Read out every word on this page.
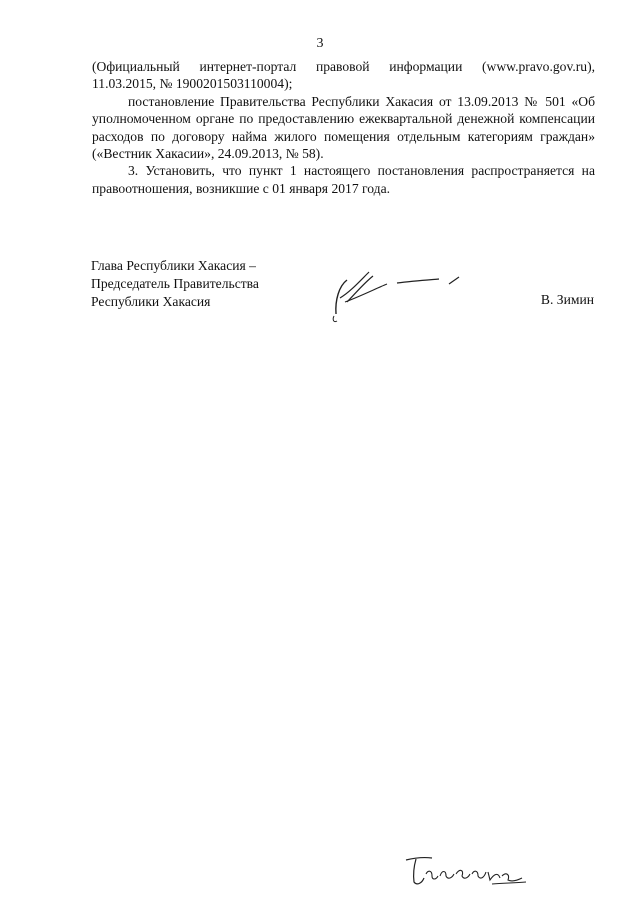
3

(Официальный интернет-портал правовой информации (www.pravo.gov.ru), 11.03.2015, № 1900201503110004);

постановление Правительства Республики Хакасия от 13.09.2013 № 501 «Об уполномоченном органе по предоставлению ежеквартальной денежной компенсации расходов по договору найма жилого помещения отдельным категориям граждан» («Вестник Хакасии», 24.09.2013, № 58).

3. Установить, что пункт 1 настоящего постановления распространяется на правоотношения, возникшие с 01 января 2017 года.

Глава Республики Хакасия –
Председатель Правительства
Республики Хакасия	В. Зимин
